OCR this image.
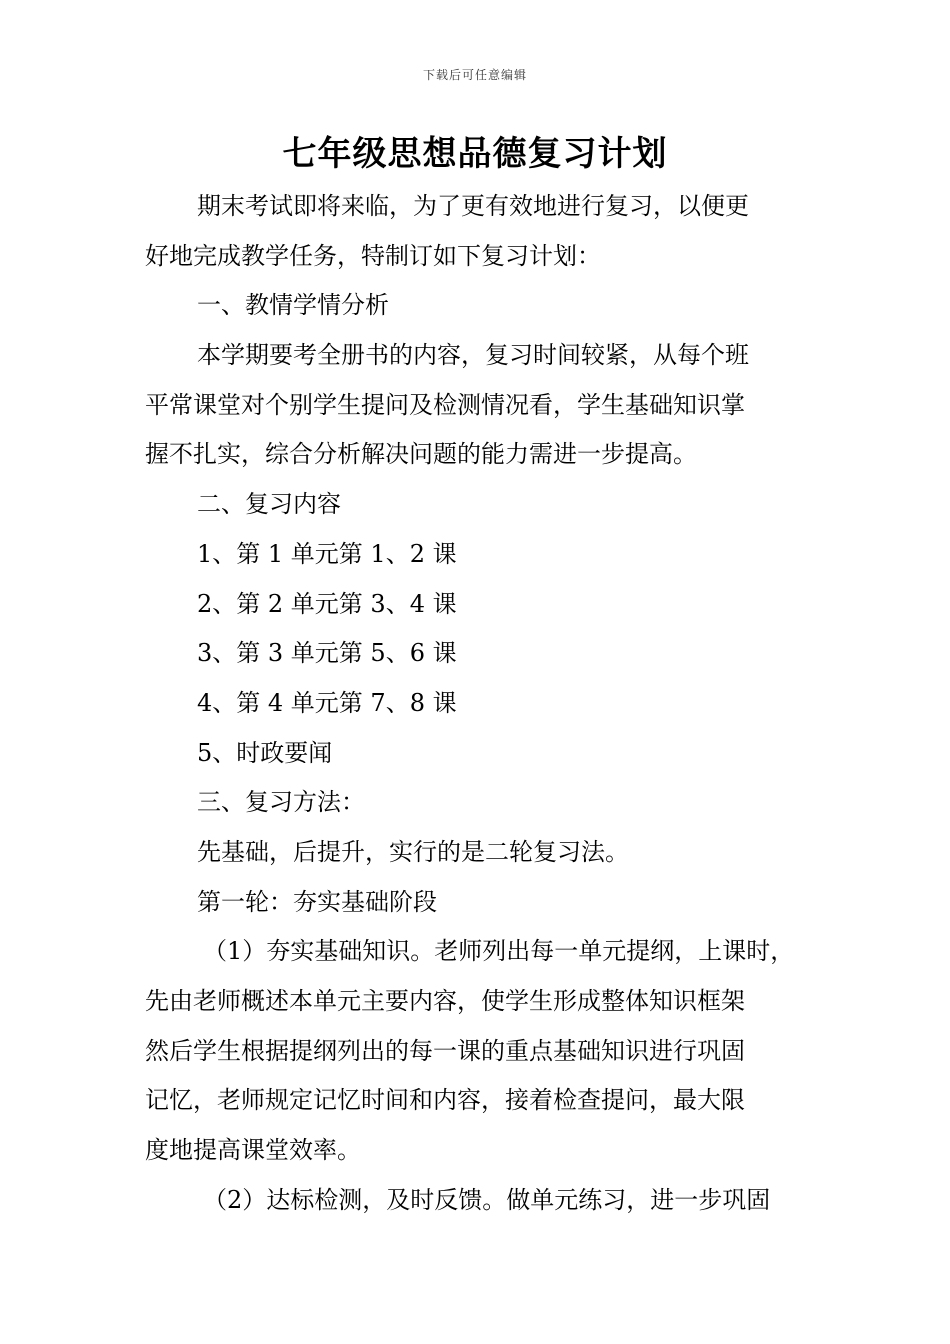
下载后可任意编辑
七年级思想品德复习计划

期末考试即将来临，为了更有效地进行复习，以便更
好地完成教学任务，特制订如下复习计划：

一、教情学情分析

本学期要考全册书的内容，复习时间较紧，从每个班
平常课堂对个别学生提问及检测情况看，学生基础知识掌
握不扎实，综合分析解决问题的能力需进一步提高。

二、复习内容

1、第 1 单元第 1、2 课

2、第 2 单元第 3、4 课

3、第 3 单元第 5、6 课

4、第 4 单元第 7、8 课

5、时政要闻

三、复习方法：

先基础，后提升，实行的是二轮复习法。

第一轮：夯实基础阶段

（1）夯实基础知识。老师列出每一单元提纲，上课时，
先由老师概述本单元主要内容，使学生形成整体知识框架
然后学生根据提纲列出的每一课的重点基础知识进行巩固
记忆，老师规定记忆时间和内容，接着检查提问，最大限
度地提高课堂效率。

（2）达标检测，及时反馈。做单元练习，进一步巩固
